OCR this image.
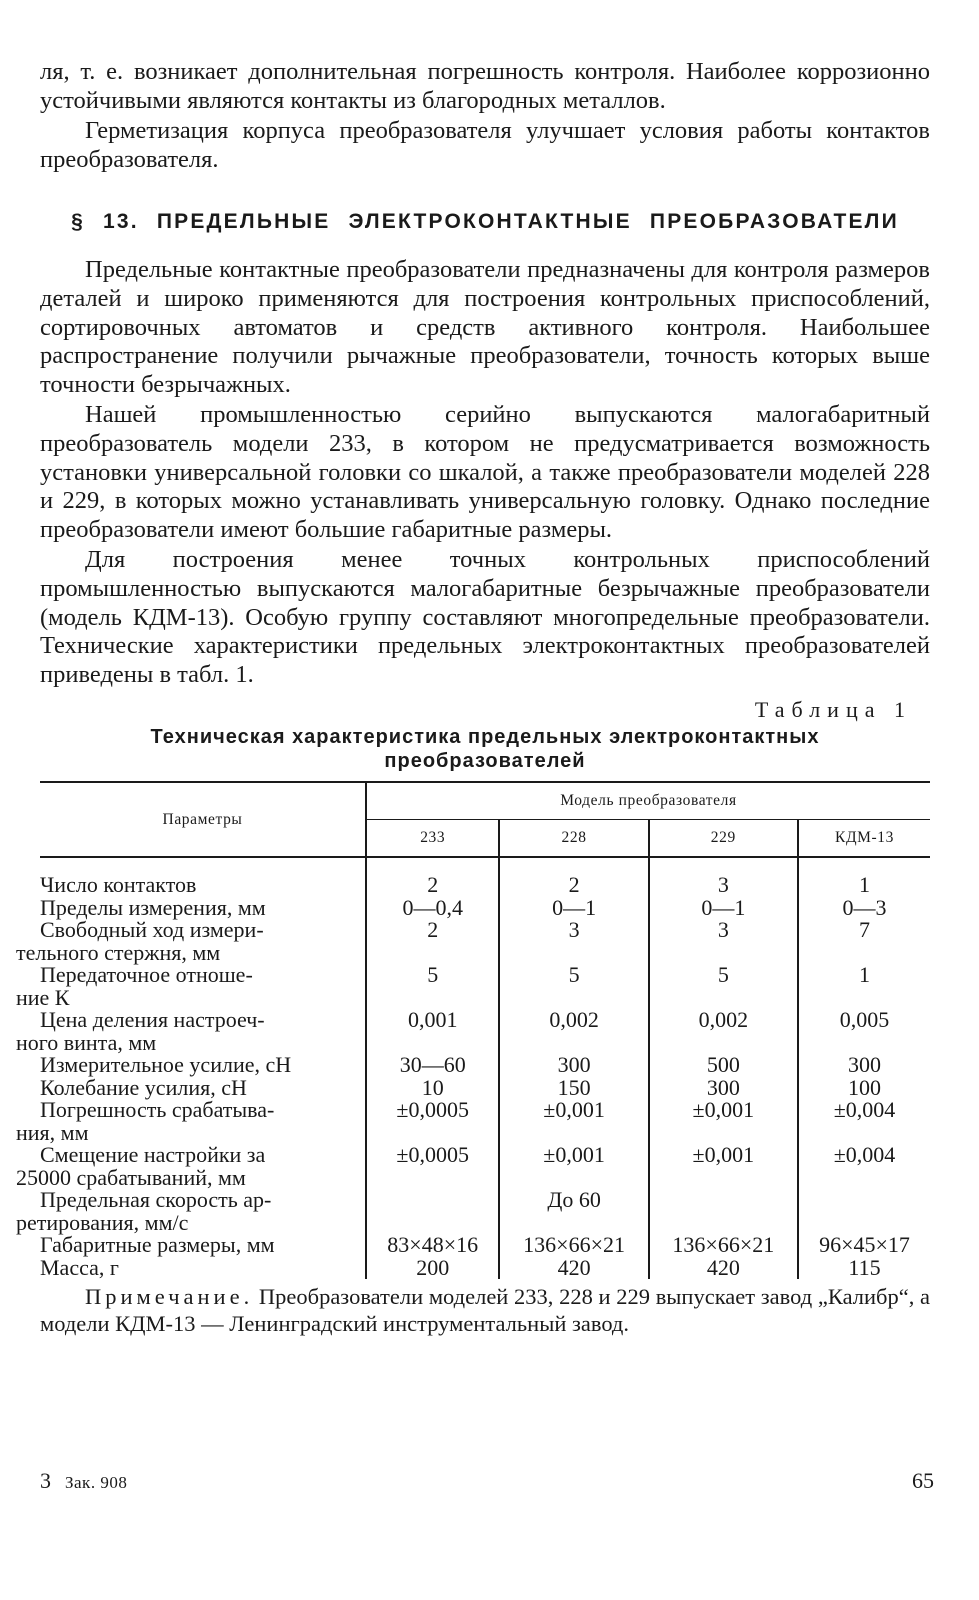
ля, т. е. возникает дополнительная погрешность контроля. Наиболее коррозионно устойчивыми являются контакты из благородных металлов.

Герметизация корпуса преобразователя улучшает условия работы контактов преобразователя.

§ 13. ПРЕДЕЛЬНЫЕ ЭЛЕКТРОКОНТАКТНЫЕ ПРЕОБРАЗОВАТЕЛИ

Предельные контактные преобразователи предназначены для контроля размеров деталей и широко применяются для построения контрольных приспособлений, сортировочных автоматов и средств активного контроля. Наибольшее распространение получили рычажные преобразователи, точность которых выше точности безрычажных.

Нашей промышленностью серийно выпускаются малогабаритный преобразователь модели 233, в котором не предусматривается возможность установки универсальной головки со шкалой, а также преобразователи моделей 228 и 229, в которых можно устанавливать универсальную головку. Однако последние преобразователи имеют большие габаритные размеры.

Для построения менее точных контрольных приспособлений промышленностью выпускаются малогабаритные безрычажные преобразователи (модель КДМ-13). Особую группу составляют многопредельные преобразователи. Технические характеристики предельных электроконтактных преобразователей приведены в табл. 1.

Таблица 1
Техническая характеристика предельных электроконтактных
преобразователей
Параметры	Модель преобразователя			
	233	228	229	КДМ-13
Число контактов	2	2	3	1
Пределы измерения, мм	0—0,4	0—1	0—1	0—3
Свободный ход измери-
тельного стержня, мм	2	3	3	7
Передаточное отноше-
ние К	5	5	5	1
Цена деления настроеч-
ного винта, мм	0,001	0,002	0,002	0,005
Измерительное усилие, сН	30—60	300	500	300
Колебание усилия, сН	10	150	300	100
Погрешность срабатыва-
ния, мм	±0,0005	±0,001	±0,001	±0,004
Смещение настройки за
25000 срабатываний, мм	±0,0005	±0,001	±0,001	±0,004
Предельная скорость ар-
ретирования, мм/с		До 60		
Габаритные размеры, мм	83×48×16	136×66×21	136×66×21	96×45×17
Масса, г	200	420	420	115
Примечание. Преобразователи моделей 233, 228 и 229 выпускает завод „Калибр“, а модели КДМ-13 — Ленинградский инструментальный завод.
3 Зак. 908	65
